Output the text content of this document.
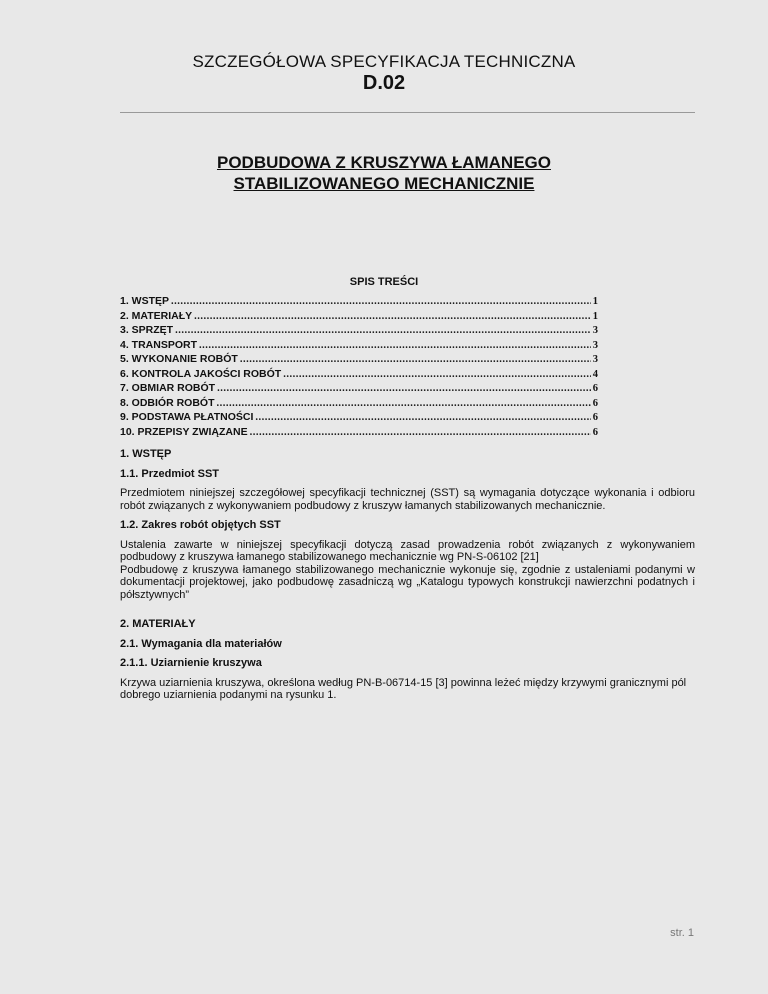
SZCZEGÓŁOWA SPECYFIKACJA TECHNICZNA
D.02
PODBUDOWA Z KRUSZYWA ŁAMANEGO
STABILIZOWANEGO MECHANICZNIE
SPIS TREŚCI
1. WSTĘP .....	1
2. MATERIAŁY .....	1
3. SPRZĘT .....	3
4. TRANSPORT .....	3
5. WYKONANIE ROBÓT .....	3
6. KONTROLA JAKOŚCI ROBÓT .....	4
7. OBMIAR ROBÓT .....	6
8. ODBIÓR ROBÓT .....	6
9. PODSTAWA PŁATNOŚCI .....	6
10. PRZEPISY ZWIĄZANE .....	6
1. WSTĘP
1.1. Przedmiot SST
Przedmiotem niniejszej szczegółowej specyfikacji technicznej (SST) są wymagania dotyczące wykonania i odbioru robót związanych z wykonywaniem podbudowy z kruszyw łamanych stabilizowanych mechanicznie.
1.2. Zakres robót objętych SST
Ustalenia zawarte w niniejszej specyfikacji dotyczą zasad prowadzenia robót związanych z wykonywaniem podbudowy z kruszywa łamanego stabilizowanego mechanicznie wg PN-S-06102 [21]
Podbudowę z kruszywa łamanego stabilizowanego mechanicznie wykonuje się, zgodnie z ustaleniami podanymi w dokumentacji projektowej, jako podbudowę zasadniczą wg „Katalogu typowych konstrukcji nawierzchni podatnych i półsztywnych”
2. MATERIAŁY
2.1. Wymagania dla materiałów
2.1.1. Uziarnienie kruszywa
Krzywa uziarnienia kruszywa, określona według PN-B-06714-15 [3] powinna leżeć między krzywymi granicznymi pól dobrego uziarnienia podanymi na rysunku 1.
str. 1
